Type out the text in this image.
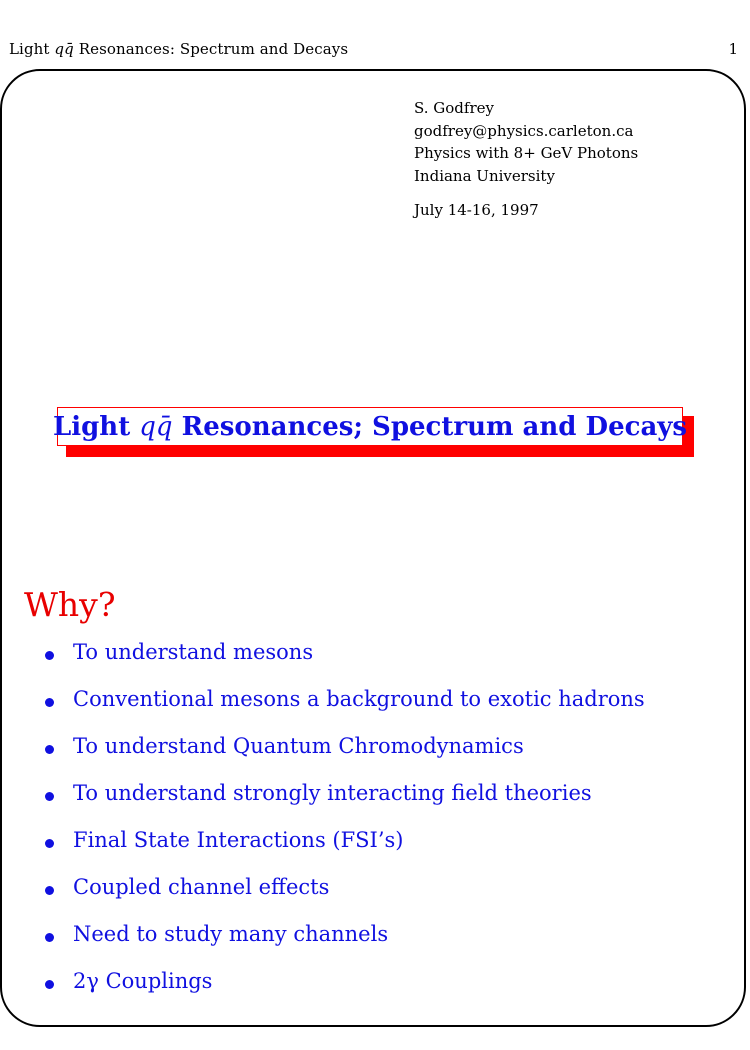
Light qq̄ Resonances: Spectrum and Decays	1
S. Godfrey
godfrey@physics.carleton.ca
Physics with 8+ GeV Photons
Indiana University
July 14-16, 1997
Light qq̄ Resonances; Spectrum and Decays
Why?
To understand mesons
Conventional mesons a background to exotic hadrons
To understand Quantum Chromodynamics
To understand strongly interacting field theories
Final State Interactions (FSI’s)
Coupled channel effects
Need to study many channels
2γ Couplings
